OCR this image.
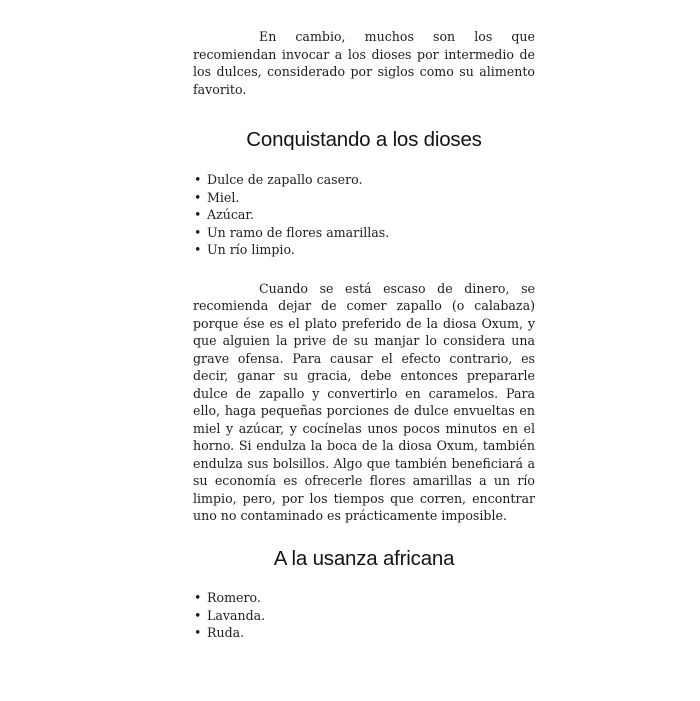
En cambio, muchos son los que recomiendan invocar a los dioses por intermedio de los dulces, considerado por siglos como su alimento favorito.

Conquistando a los dioses
• Dulce de zapallo casero.
• Miel.
• Azúcar.
• Un ramo de flores amarillas.
• Un río limpio.

Cuando se está escaso de dinero, se recomienda dejar de comer zapallo (o calabaza) porque ése es el plato preferido de la diosa Oxum, y que alguien la prive de su manjar lo considera una grave ofensa. Para causar el efecto contrario, es decir, ganar su gracia, debe entonces prepararle dulce de zapallo y convertirlo en caramelos. Para ello, haga pequeñas porciones de dulce envueltas en miel y azúcar, y cocínelas unos pocos minutos en el horno. Si endulza la boca de la diosa Oxum, también endulza sus bolsillos. Algo que también beneficiará a su economía es ofrecerle flores amarillas a un río limpio, pero, por los tiempos que corren, encontrar uno no contaminado es prácticamente imposible.

A la usanza africana
• Romero.
• Lavanda.
• Ruda.
